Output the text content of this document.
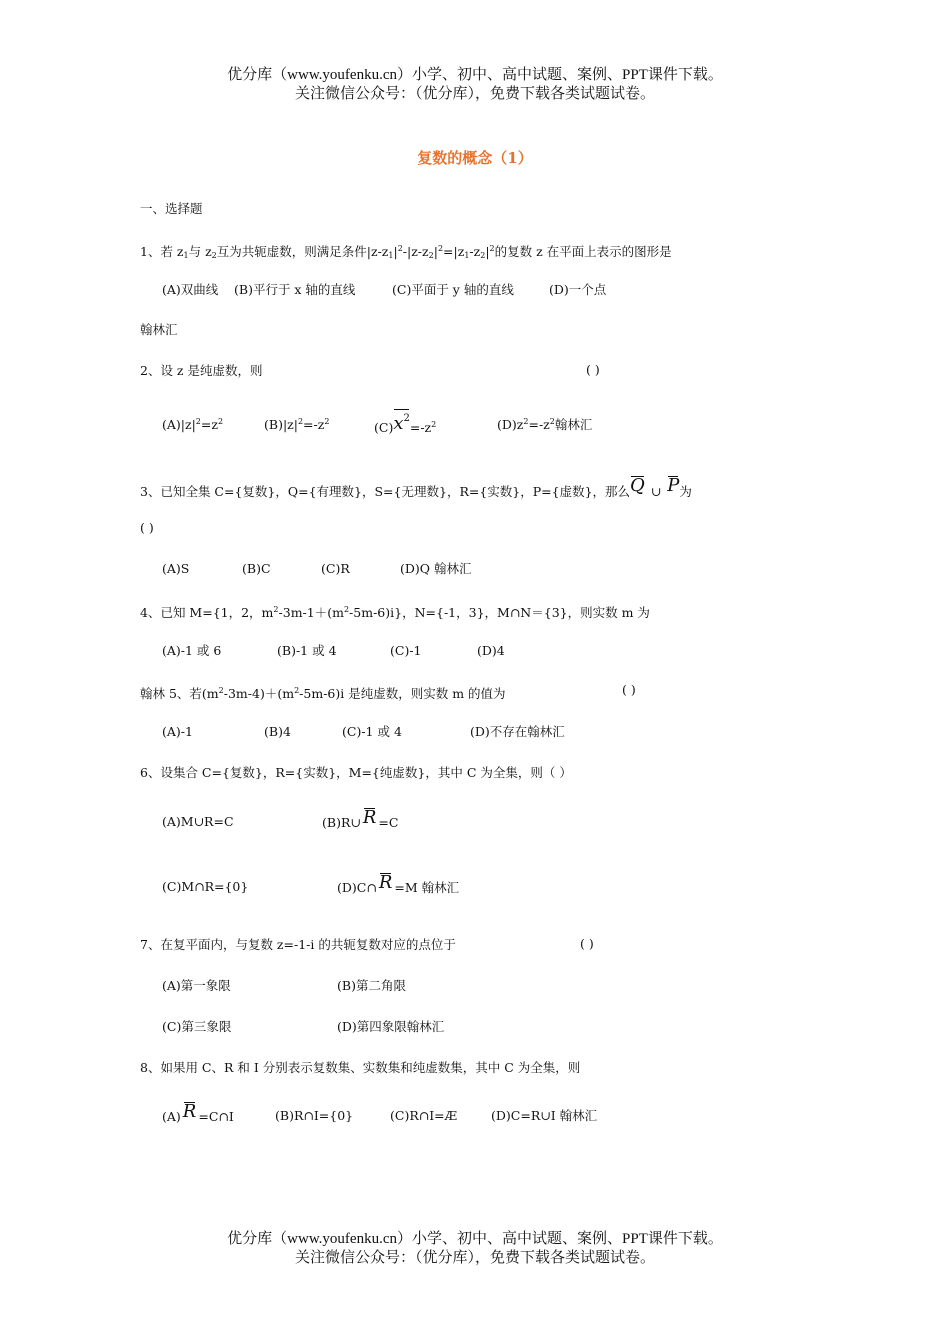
优分库（www.youfenku.cn）小学、初中、高中试题、案例、PPT课件下载。
关注微信公众号：（优分库），免费下载各类试题试卷。
复数的概念（1）
一、选择题
1、若 $z_1$与 $z_2$互为共轭虚数，则满足条件$|z-z_1|^2-|z-z_2|^2=|z_1-z_2|^2$的复数 z 在平面上表示的图形是
(A)双曲线 (B)平行于 x 轴的直线	(C)平面于 y 轴的直线	(D)一个点
翰林汇
2、设 z 是纯虚数，则	( )
$(A)|z|^2=z^2$	$(B)|z|^2=-z^2$	$(C)x^2=-z^2$	$(D)z^2=-z^2$翰林汇
3、已知全集 C={复数}，Q={有理数}，S={无理数}，R={实数}，P={虚数}，那么Q ∪ P为
( )
(A)S	(B)C	(C)R	(D)Q 翰林汇
4、已知 M={1，2，$m^2-3m-1+(m^2-5m-6)i$}，N={-1，3}，M∩N＝{3}，则实数 m 为
(A)-1 或 6	(B)-1 或 4	(C)-1	(D)4
翰林 5、若$(m^2-3m-4)+(m^2-5m-6)i$ 是纯虚数，则实数 m 的值为	( )
(A)-1	(B)4	(C)-1 或 4	(D)不存在翰林汇
6、设集合 C={复数}，R={实数}，M={纯虚数}，其中 C 为全集，则（ ）
(A)M∪R=C	(B)R∪ R =C
(C)M∩R={0}	(D)C∩ R =M 翰林汇
7、在复平面内，与复数 z=-1-i 的共轭复数对应的点位于	( )
(A)第一象限	(B)第二角限
(C)第三象限	(D)第四象限翰林汇
8、如果用 C、R 和 I 分别表示复数集、实数集和纯虚数集，其中 C 为全集，则
(A) R =C∩I	(B)R∩I={0}	(C)R∩I=Æ	(D)C=R∪I 翰林汇
优分库（www.youfenku.cn）小学、初中、高中试题、案例、PPT课件下载。
关注微信公众号：（优分库），免费下载各类试题试卷。
